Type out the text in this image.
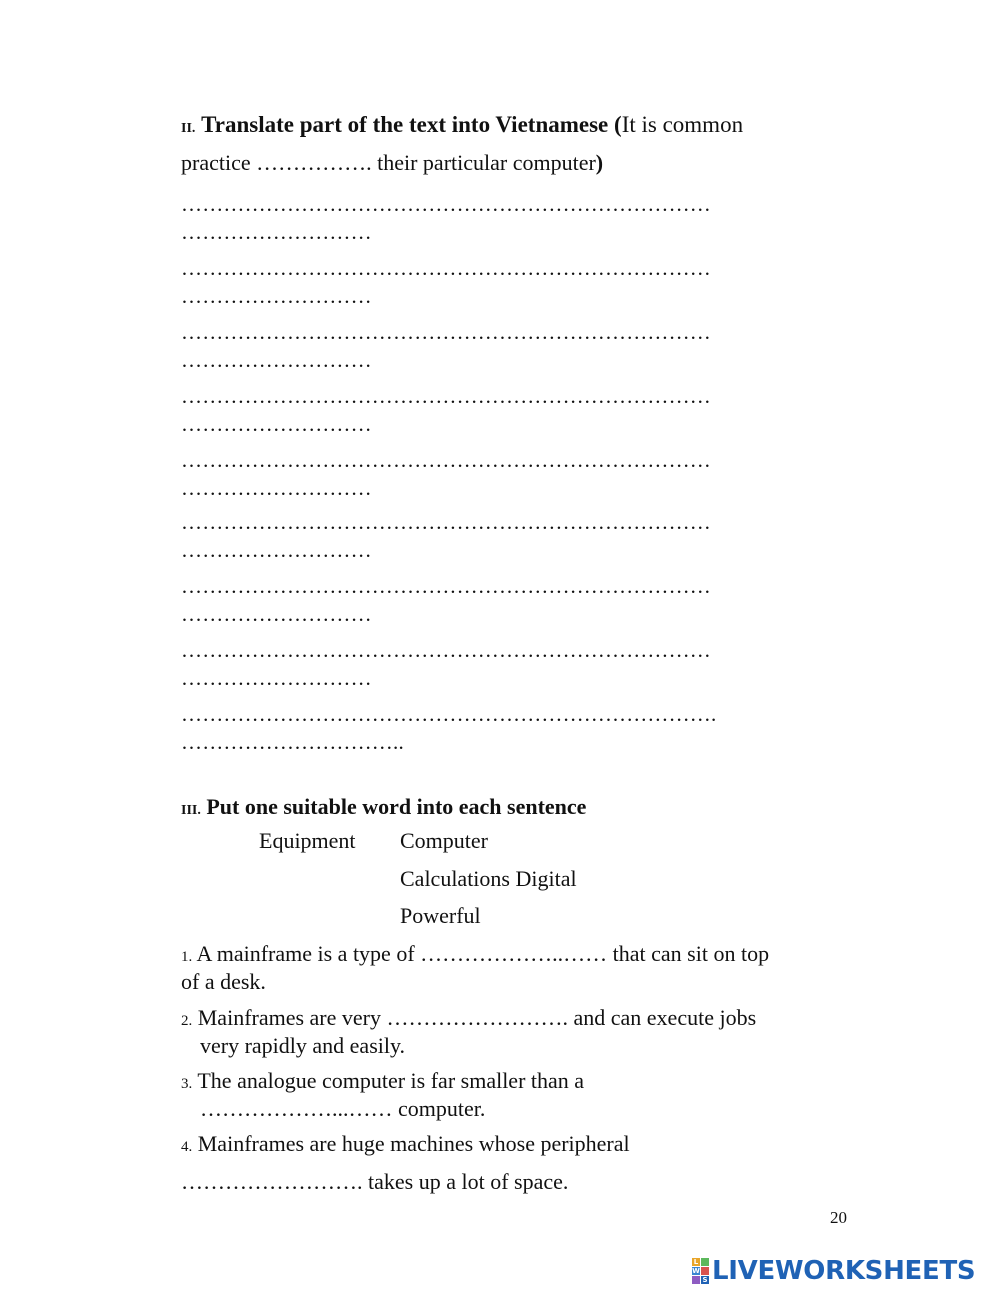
II. Translate part of the text into Vietnamese (It is common
practice ……………. their particular computer)
…………………………………………………………………
………………………
…………………………………………………………………
………………………
…………………………………………………………………
………………………
…………………………………………………………………
………………………
…………………………………………………………………
………………………
…………………………………………………………………
………………………
…………………………………………………………………
………………………
…………………………………………………………………
………………………
………………………………………………………………….
…………………………..
III. Put one suitable word into each sentence
Equipment Computer
Calculations Digital
Powerful
1. A mainframe is a type of ………………..…… that can sit on top
of a desk.
2. Mainframes are very ……………………. and can execute jobs
very rapidly and easily.
3. The analogue computer is far smaller than a
………………...…… computer.
4. Mainframes are huge machines whose peripheral
……………………. takes up a lot of space.
20
L
W
S LIVEWORKSHEETS
